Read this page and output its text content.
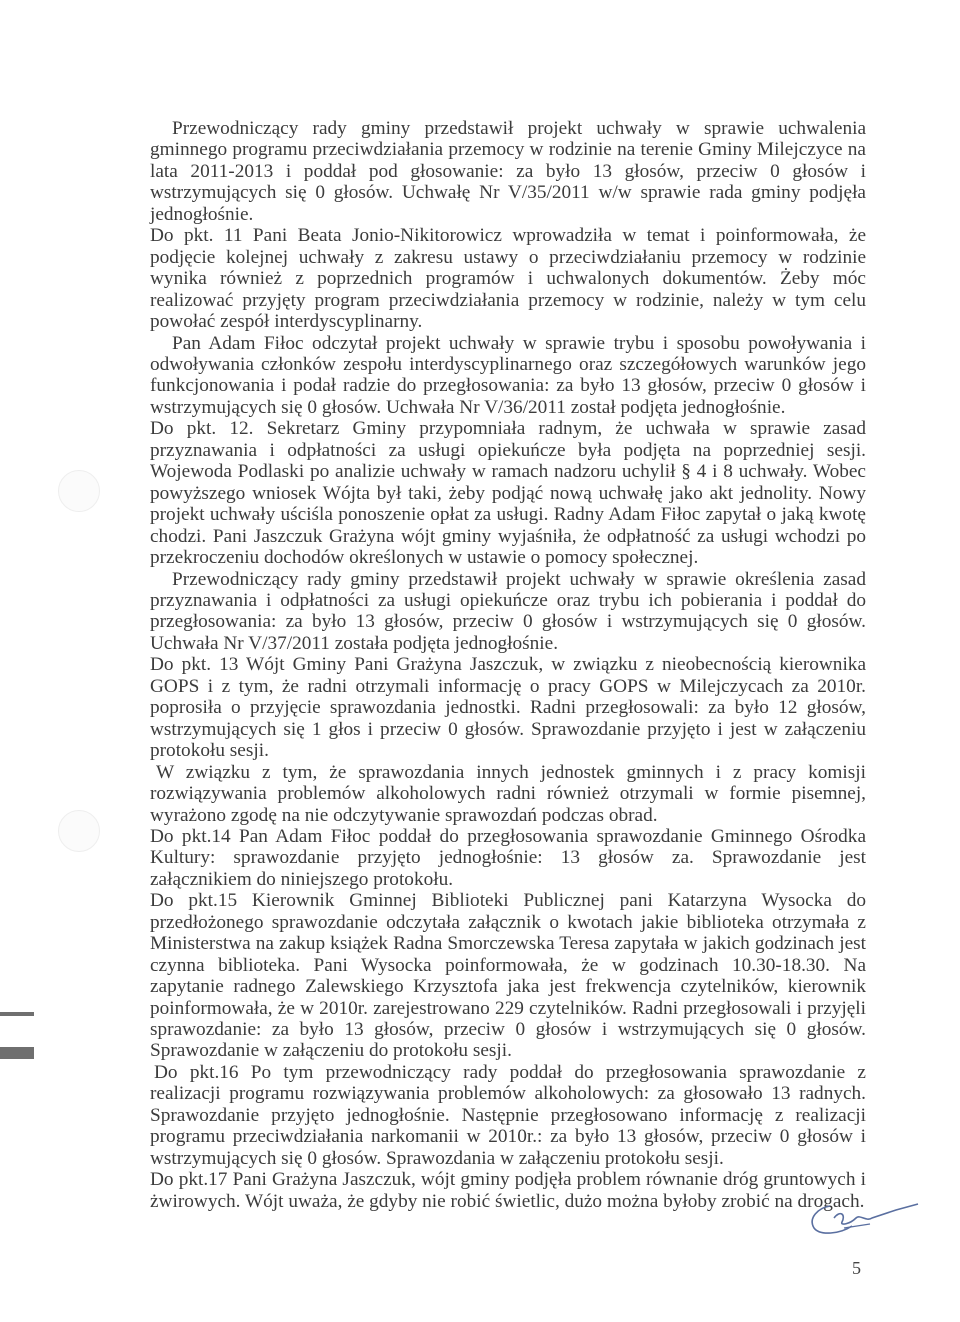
Przewodniczący rady gminy przedstawił projekt uchwały w sprawie uchwalenia gminnego programu przeciwdziałania przemocy w rodzinie na terenie Gminy Milejczyce na lata 2011-2013 i poddał pod głosowanie: za było 13 głosów, przeciw 0 głosów i wstrzymujących się 0 głosów. Uchwałę Nr V/35/2011 w/w sprawie rada gminy podjęła jednogłośnie.

Do pkt. 11 Pani Beata Jonio-Nikitorowicz wprowadziła w temat i poinformowała, że podjęcie kolejnej uchwały z zakresu ustawy o przeciwdziałaniu przemocy w rodzinie wynika również z poprzednich programów i uchwalonych dokumentów. Żeby móc realizować przyjęty program przeciwdziałania przemocy w rodzinie, należy w tym celu powołać zespół interdyscyplinarny.

Pan Adam Fiłoc odczytał projekt uchwały w sprawie trybu i sposobu powoływania i odwoływania członków zespołu interdyscyplinarnego oraz szczegółowych warunków jego funkcjonowania i podał radzie do przegłosowania: za było 13 głosów, przeciw 0 głosów i wstrzymujących się 0 głosów. Uchwała Nr V/36/2011 został podjęta jednogłośnie.

Do pkt. 12. Sekretarz Gminy przypomniała radnym, że uchwała w sprawie zasad przyznawania i odpłatności za usługi opiekuńcze była podjęta na poprzedniej sesji. Wojewoda Podlaski po analizie uchwały w ramach nadzoru uchylił § 4 i 8 uchwały. Wobec powyższego wniosek Wójta był taki, żeby podjąć nową uchwałę jako akt jednolity. Nowy projekt uchwały uściśla ponoszenie opłat za usługi. Radny Adam Fiłoc zapytał o jaką kwotę chodzi. Pani Jaszczuk Grażyna wójt gminy wyjaśniła, że odpłatność za usługi wchodzi po przekroczeniu dochodów określonych w ustawie o pomocy społecznej.

Przewodniczący rady gminy przedstawił projekt uchwały w sprawie określenia zasad przyznawania i odpłatności za usługi opiekuńcze oraz trybu ich pobierania i poddał do przegłosowania: za było 13 głosów, przeciw 0 głosów i wstrzymujących się 0 głosów. Uchwała Nr V/37/2011 została podjęta jednogłośnie.

Do pkt. 13 Wójt Gminy Pani Grażyna Jaszczuk, w związku z nieobecnością kierownika GOPS i z tym, że radni otrzymali informację o pracy GOPS w Milejczycach za 2010r. poprosiła o przyjęcie sprawozdania jednostki. Radni przegłosowali: za było 12 głosów, wstrzymujących się 1 głos i przeciw 0 głosów. Sprawozdanie przyjęto i jest w załączeniu protokołu sesji.

W związku z tym, że sprawozdania innych jednostek gminnych i z pracy komisji rozwiązywania problemów alkoholowych radni również otrzymali w formie pisemnej, wyrażono zgodę na nie odczytywanie sprawozdań podczas obrad.

Do pkt.14 Pan Adam Fiłoc poddał do przegłosowania sprawozdanie Gminnego Ośrodka Kultury: sprawozdanie przyjęto jednogłośnie: 13 głosów za. Sprawozdanie jest załącznikiem do niniejszego protokołu.

Do pkt.15 Kierownik Gminnej Biblioteki Publicznej pani Katarzyna Wysocka do przedłożonego sprawozdanie odczytała załącznik o kwotach jakie biblioteka otrzymała z Ministerstwa na zakup książek Radna Smorczewska Teresa zapytała w jakich godzinach jest czynna biblioteka. Pani Wysocka poinformowała, że w godzinach 10.30-18.30. Na zapytanie radnego Zalewskiego Krzysztofa jaka jest frekwencja czytelników, kierownik poinformowała, że w 2010r. zarejestrowano 229 czytelników. Radni przegłosowali i przyjęli sprawozdanie: za było 13 głosów, przeciw 0 głosów i wstrzymujących się 0 głosów. Sprawozdanie w załączeniu do protokołu sesji.

Do pkt.16 Po tym przewodniczący rady poddał do przegłosowania sprawozdanie z realizacji programu rozwiązywania problemów alkoholowych: za głosowało 13 radnych. Sprawozdanie przyjęto jednogłośnie. Następnie przegłosowano informację z realizacji programu przeciwdziałania narkomanii w 2010r.: za było 13 głosów, przeciw 0 głosów i wstrzymujących się 0 głosów. Sprawozdania w załączeniu protokołu sesji.

Do pkt.17 Pani Grażyna Jaszczuk, wójt gminy podjęła problem równanie dróg gruntowych i żwirowych. Wójt uważa, że gdyby nie robić świetlic, dużo można byłoby zrobić na drogach.

5
